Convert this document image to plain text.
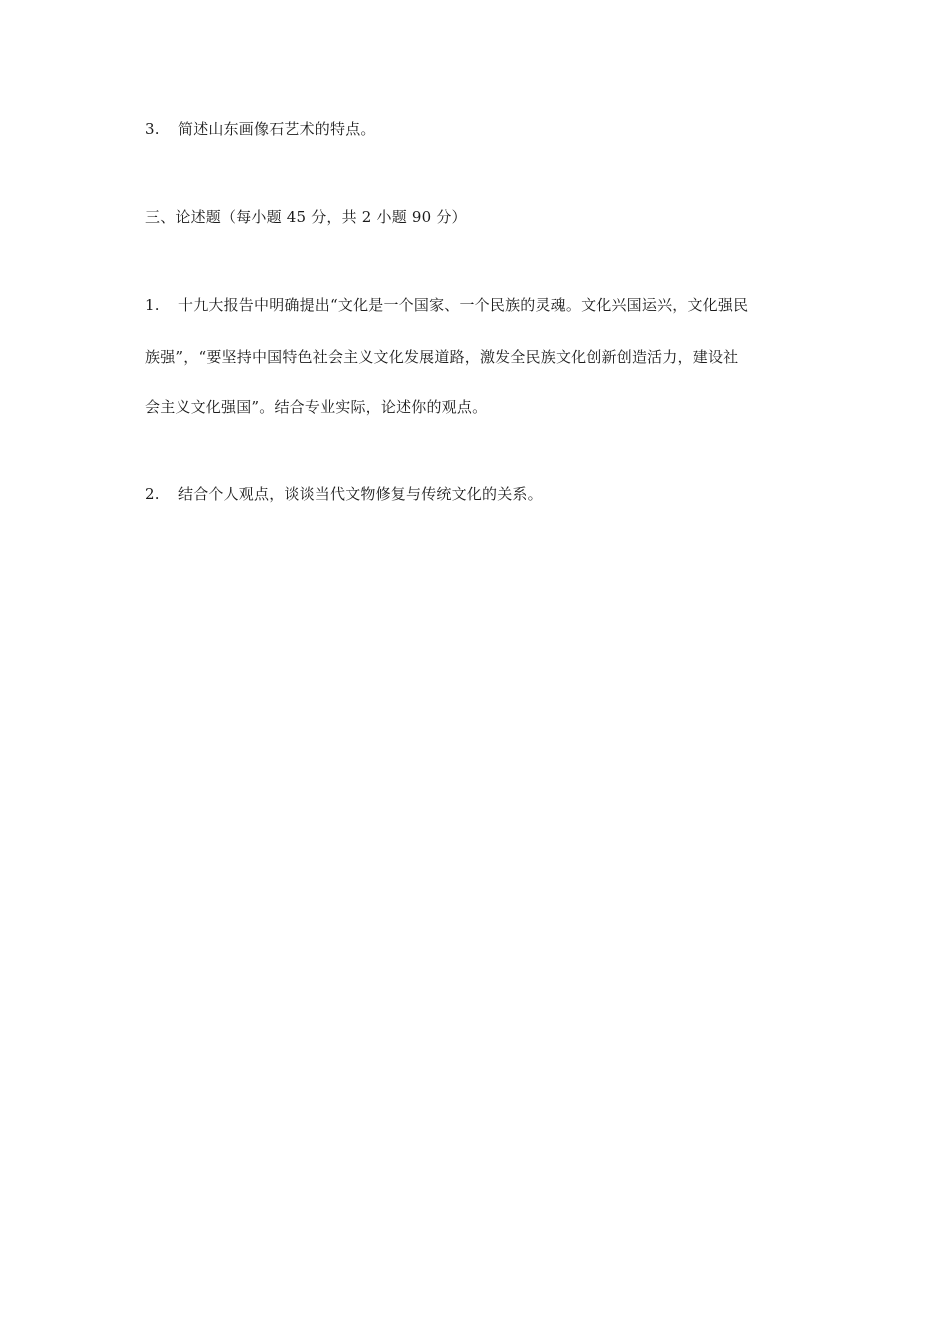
3. 简述山东画像石艺术的特点。
三、论述题（每小题 45 分，共 2 小题 90 分）
1. 十九大报告中明确提出“文化是一个国家、一个民族的灵魂。文化兴国运兴，文化强民
族强”，“要坚持中国特色社会主义文化发展道路，激发全民族文化创新创造活力，建设社
会主义文化强国”。结合专业实际，论述你的观点。
2. 结合个人观点，谈谈当代文物修复与传统文化的关系。
